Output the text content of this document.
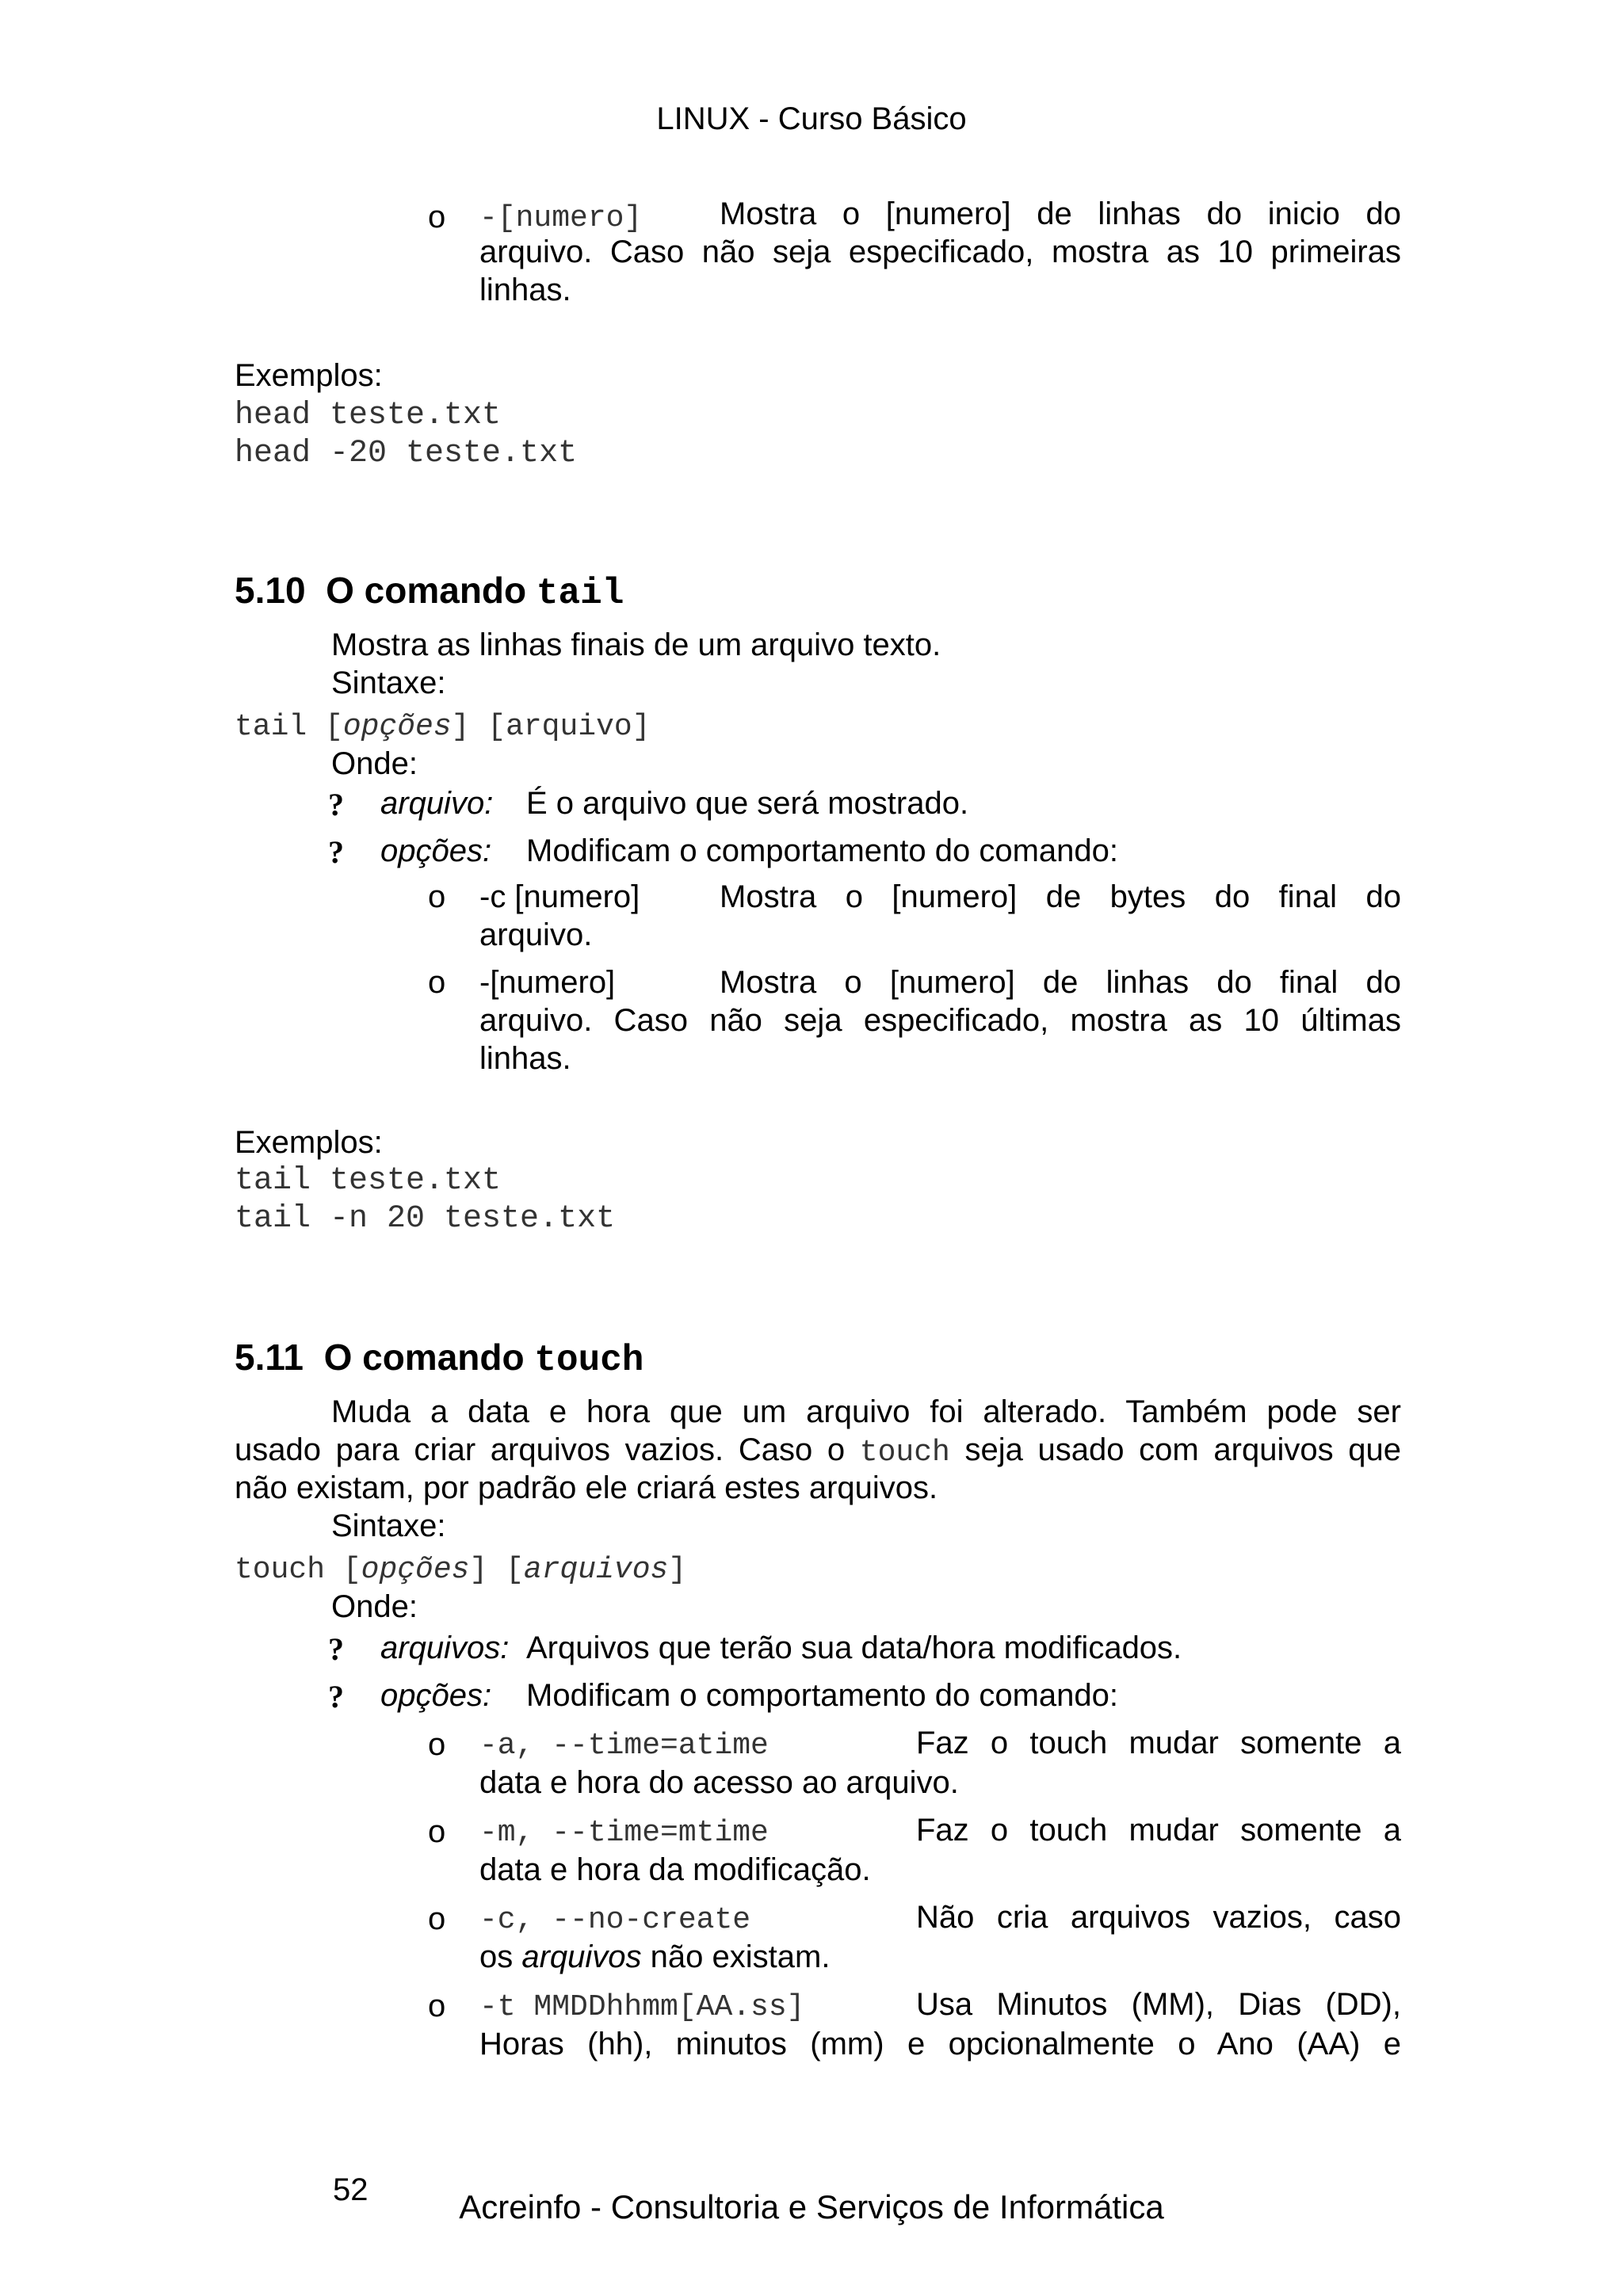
LINUX - Curso Básico
o -[numero] Mostra o [numero] de linhas do inicio do
arquivo. Caso não seja especificado, mostra as 10 primeiras
linhas.
Exemplos:
head teste.txt
head -20 teste.txt
5.10 O comando tail
Mostra as linhas finais de um arquivo texto.
Sintaxe:
tail [opções] [arquivo]
Onde:
? arquivo: É o arquivo que será mostrado.
? opções: Modificam o comportamento do comando:
o -c [numero]	Mostra o [numero] de bytes do final do
arquivo.
o -[numero]	Mostra o [numero] de linhas do final do
arquivo. Caso não seja especificado, mostra as 10 últimas
linhas.
Exemplos:
tail teste.txt
tail -n 20 teste.txt
5.11 O comando touch
Muda a data e hora que um arquivo foi alterado. Também pode ser
usado para criar arquivos vazios. Caso o touch seja usado com arquivos que
não existam, por padrão ele criará estes arquivos.
Sintaxe:
touch [opções] [arquivos]
Onde:
? arquivos: Arquivos que terão sua data/hora modificados.
? opções: Modificam o comportamento do comando:
o -a, --time=atime	Faz o touch mudar somente a
data e hora do acesso ao arquivo.
o -m, --time=mtime	Faz o touch mudar somente a
data e hora da modificação.
o -c, --no-create	Não cria arquivos vazios, caso
os arquivos não existam.
o -t MMDDhhmm[AA.ss]	Usa Minutos (MM), Dias (DD),
Horas (hh), minutos (mm) e opcionalmente o Ano (AA) e
52	Acreinfo - Consultoria e Serviços de Informática
